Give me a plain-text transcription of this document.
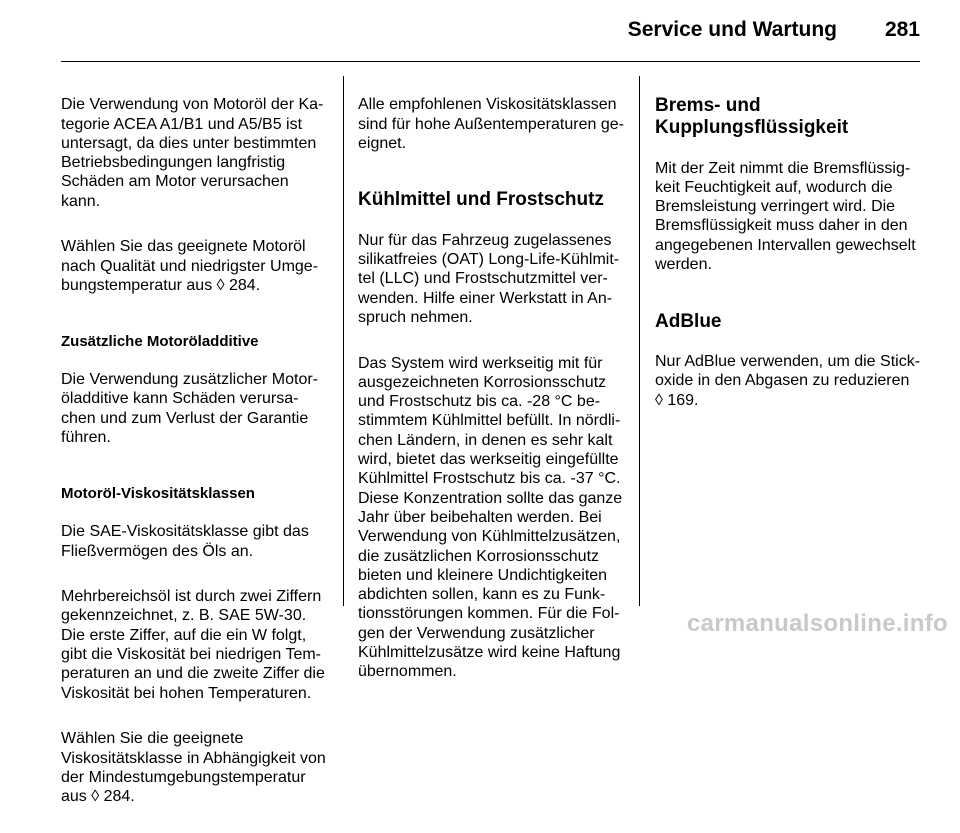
Service und Wartung 281

Die Verwendung von Motoröl der Ka-
tegorie ACEA A1/B1 und A5/B5 ist
untersagt, da dies unter bestimmten
Betriebsbedingungen langfristig
Schäden am Motor verursachen
kann.

Wählen Sie das geeignete Motoröl
nach Qualität und niedrigster Umge-
bungstemperatur aus ◊ 284.

Zusätzliche Motoröladditive

Die Verwendung zusätzlicher Motor-
öladditive kann Schäden verursa-
chen und zum Verlust der Garantie
führen.

Motoröl-Viskositätsklassen

Die SAE-Viskositätsklasse gibt das
Fließvermögen des Öls an.

Mehrbereichsöl ist durch zwei Ziffern
gekennzeichnet, z. B. SAE 5W-30.
Die erste Ziffer, auf die ein W folgt,
gibt die Viskosität bei niedrigen Tem-
peraturen an und die zweite Ziffer die
Viskosität bei hohen Temperaturen.

Wählen Sie die geeignete
Viskositätsklasse in Abhängigkeit von
der Mindestumgebungstemperatur
aus ◊ 284.

Alle empfohlenen Viskositätsklassen
sind für hohe Außentemperaturen ge-
eignet.

Kühlmittel und Frostschutz

Nur für das Fahrzeug zugelassenes
silikatfreies (OAT) Long-Life-Kühlmit-
tel (LLC) und Frostschutzmittel ver-
wenden. Hilfe einer Werkstatt in An-
spruch nehmen.

Das System wird werkseitig mit für
ausgezeichneten Korrosionsschutz
und Frostschutz bis ca. -28 °C be-
stimmtem Kühlmittel befüllt. In nördli-
chen Ländern, in denen es sehr kalt
wird, bietet das werkseitig eingefüllte
Kühlmittel Frostschutz bis ca. -37 °C.
Diese Konzentration sollte das ganze
Jahr über beibehalten werden. Bei
Verwendung von Kühlmittelzusätzen,
die zusätzlichen Korrosionsschutz
bieten und kleinere Undichtigkeiten
abdichten sollen, kann es zu Funk-
tionsstörungen kommen. Für die Fol-
gen der Verwendung zusätzlicher
Kühlmittelzusätze wird keine Haftung
übernommen.

Brems- und
Kupplungsflüssigkeit

Mit der Zeit nimmt die Bremsflüssig-
keit Feuchtigkeit auf, wodurch die
Bremsleistung verringert wird. Die
Bremsflüssigkeit muss daher in den
angegebenen Intervallen gewechselt
werden.

AdBlue

Nur AdBlue verwenden, um die Stick-
oxide in den Abgasen zu reduzieren
◊ 169.

carmanualsonline.info
